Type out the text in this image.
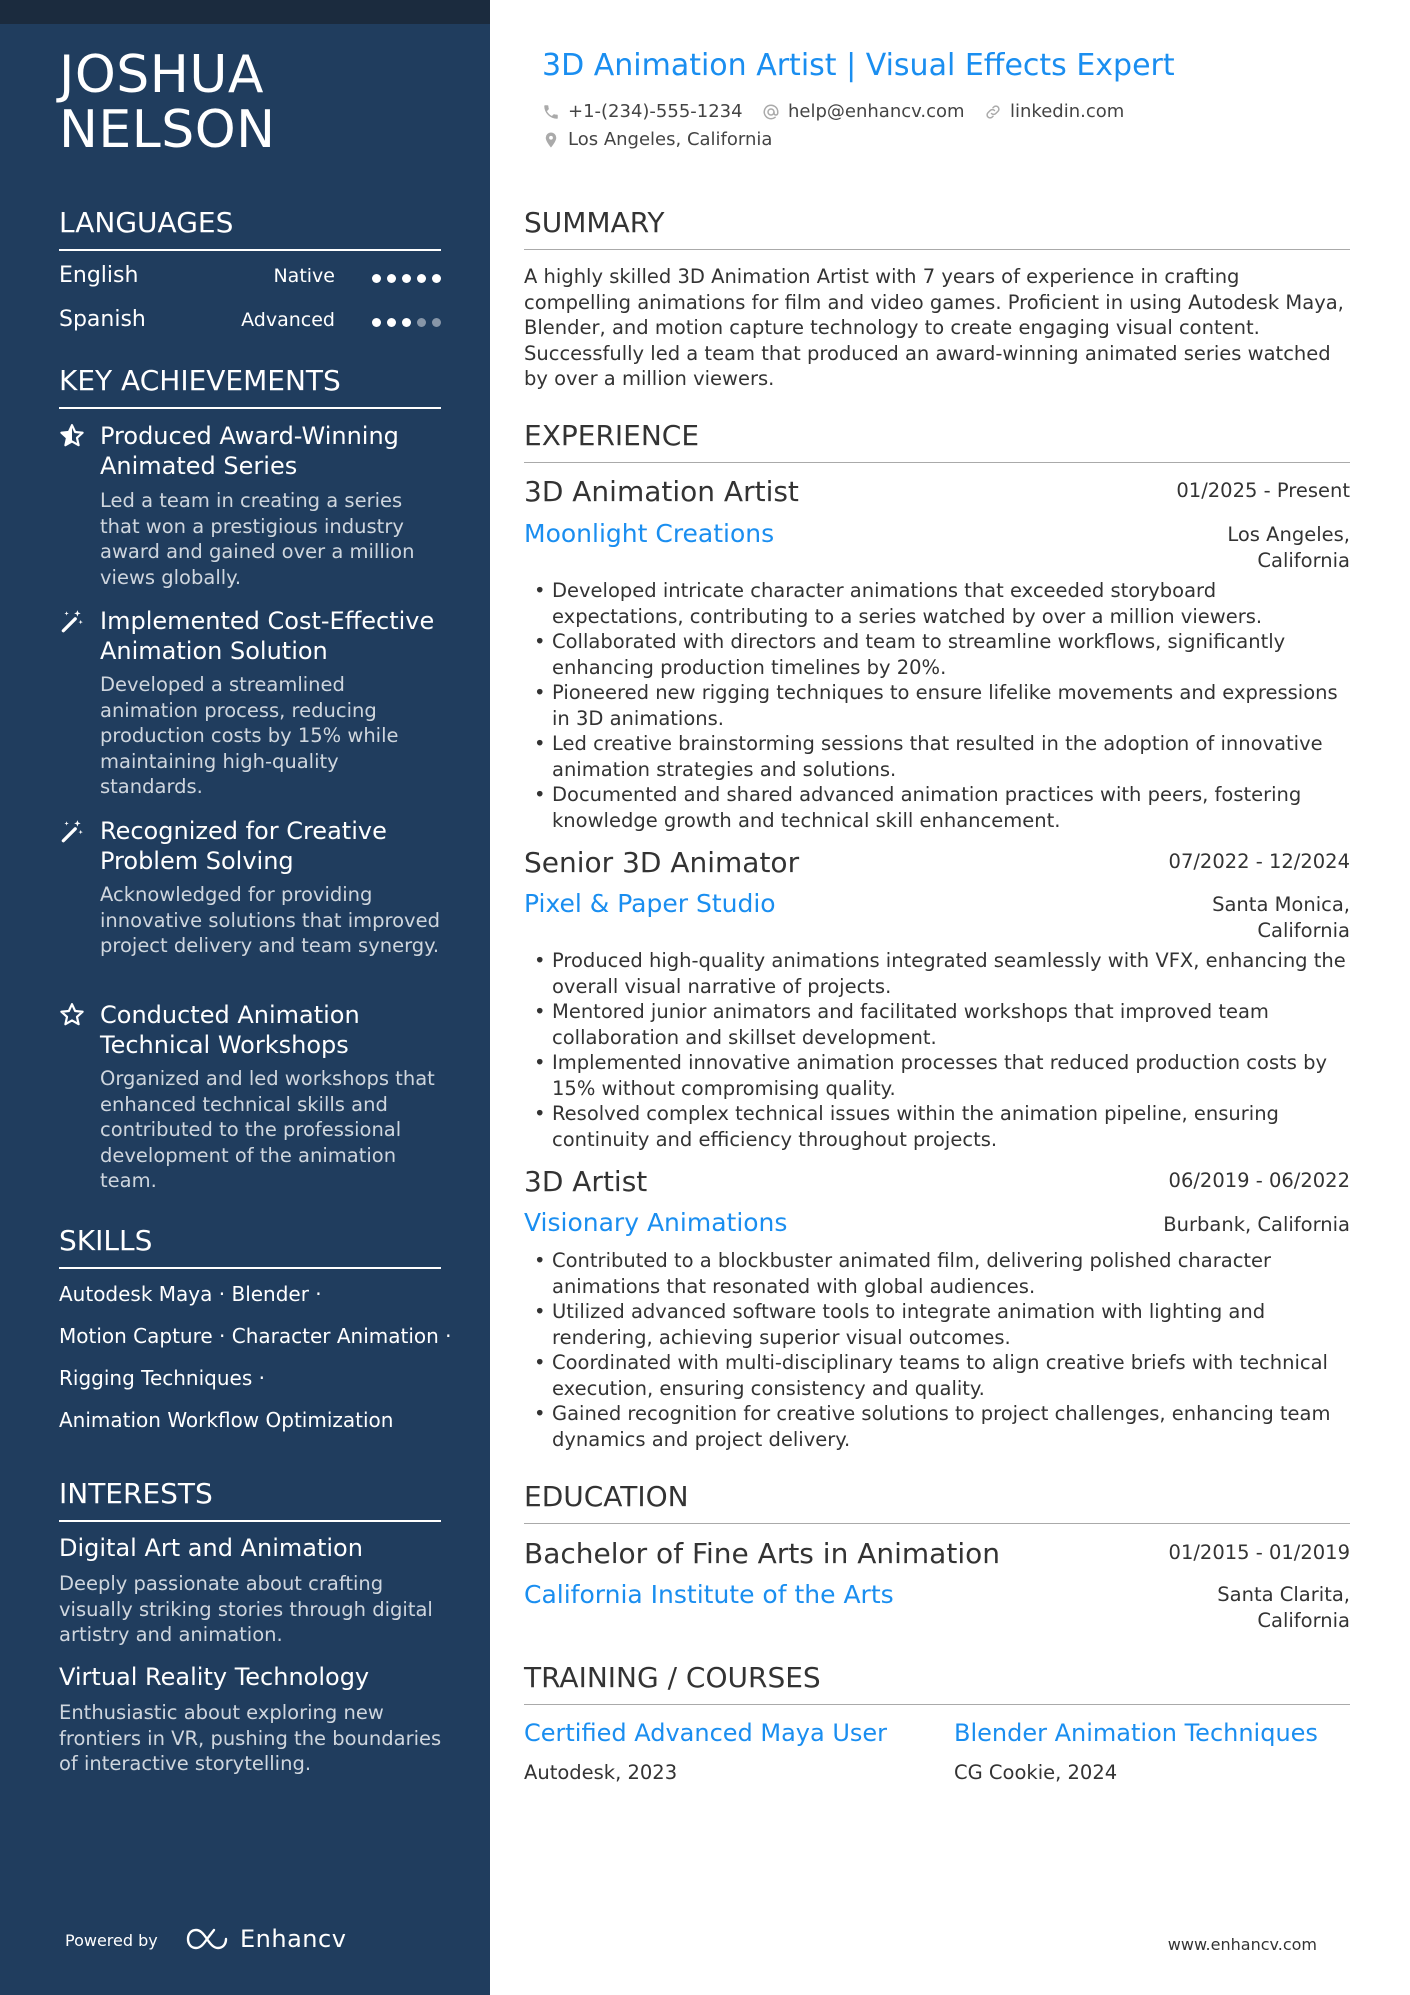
JOSHUA
NELSON
LANGUAGES
English	Native
Spanish	Advanced
KEY ACHIEVEMENTS
Produced Award-Winning Animated Series
Led a team in creating a series that won a prestigious industry award and gained over a million views globally.
Implemented Cost-Effective Animation Solution
Developed a streamlined animation process, reducing production costs by 15% while maintaining high-quality standards.
Recognized for Creative Problem Solving
Acknowledged for providing innovative solutions that improved project delivery and team synergy.
Conducted Animation Technical Workshops
Organized and led workshops that enhanced technical skills and contributed to the professional development of the animation team.
SKILLS
Autodesk Maya · Blender ·
Motion Capture · Character Animation ·
Rigging Techniques ·
Animation Workflow Optimization
INTERESTS
Digital Art and Animation
Deeply passionate about crafting visually striking stories through digital artistry and animation.
Virtual Reality Technology
Enthusiastic about exploring new frontiers in VR, pushing the boundaries of interactive storytelling.
Powered by	Enhancv
3D Animation Artist | Visual Effects Expert
+1-(234)-555-1234	help@enhancv.com	linkedin.com
Los Angeles, California
SUMMARY
A highly skilled 3D Animation Artist with 7 years of experience in crafting compelling animations for film and video games. Proficient in using Autodesk Maya, Blender, and motion capture technology to create engaging visual content. Successfully led a team that produced an award-winning animated series watched by over a million viewers.
EXPERIENCE
3D Animation Artist	01/2025 - Present
Moonlight Creations	Los Angeles, California
• Developed intricate character animations that exceeded storyboard expectations, contributing to a series watched by over a million viewers.
• Collaborated with directors and team to streamline workflows, significantly enhancing production timelines by 20%.
• Pioneered new rigging techniques to ensure lifelike movements and expressions in 3D animations.
• Led creative brainstorming sessions that resulted in the adoption of innovative animation strategies and solutions.
• Documented and shared advanced animation practices with peers, fostering knowledge growth and technical skill enhancement.
Senior 3D Animator	07/2022 - 12/2024
Pixel & Paper Studio	Santa Monica, California
• Produced high-quality animations integrated seamlessly with VFX, enhancing the overall visual narrative of projects.
• Mentored junior animators and facilitated workshops that improved team collaboration and skillset development.
• Implemented innovative animation processes that reduced production costs by 15% without compromising quality.
• Resolved complex technical issues within the animation pipeline, ensuring continuity and efficiency throughout projects.
3D Artist	06/2019 - 06/2022
Visionary Animations	Burbank, California
• Contributed to a blockbuster animated film, delivering polished character animations that resonated with global audiences.
• Utilized advanced software tools to integrate animation with lighting and rendering, achieving superior visual outcomes.
• Coordinated with multi-disciplinary teams to align creative briefs with technical execution, ensuring consistency and quality.
• Gained recognition for creative solutions to project challenges, enhancing team dynamics and project delivery.
EDUCATION
Bachelor of Fine Arts in Animation	01/2015 - 01/2019
California Institute of the Arts	Santa Clarita, California
TRAINING / COURSES
Certified Advanced Maya User
Autodesk, 2023
Blender Animation Techniques
CG Cookie, 2024
www.enhancv.com
